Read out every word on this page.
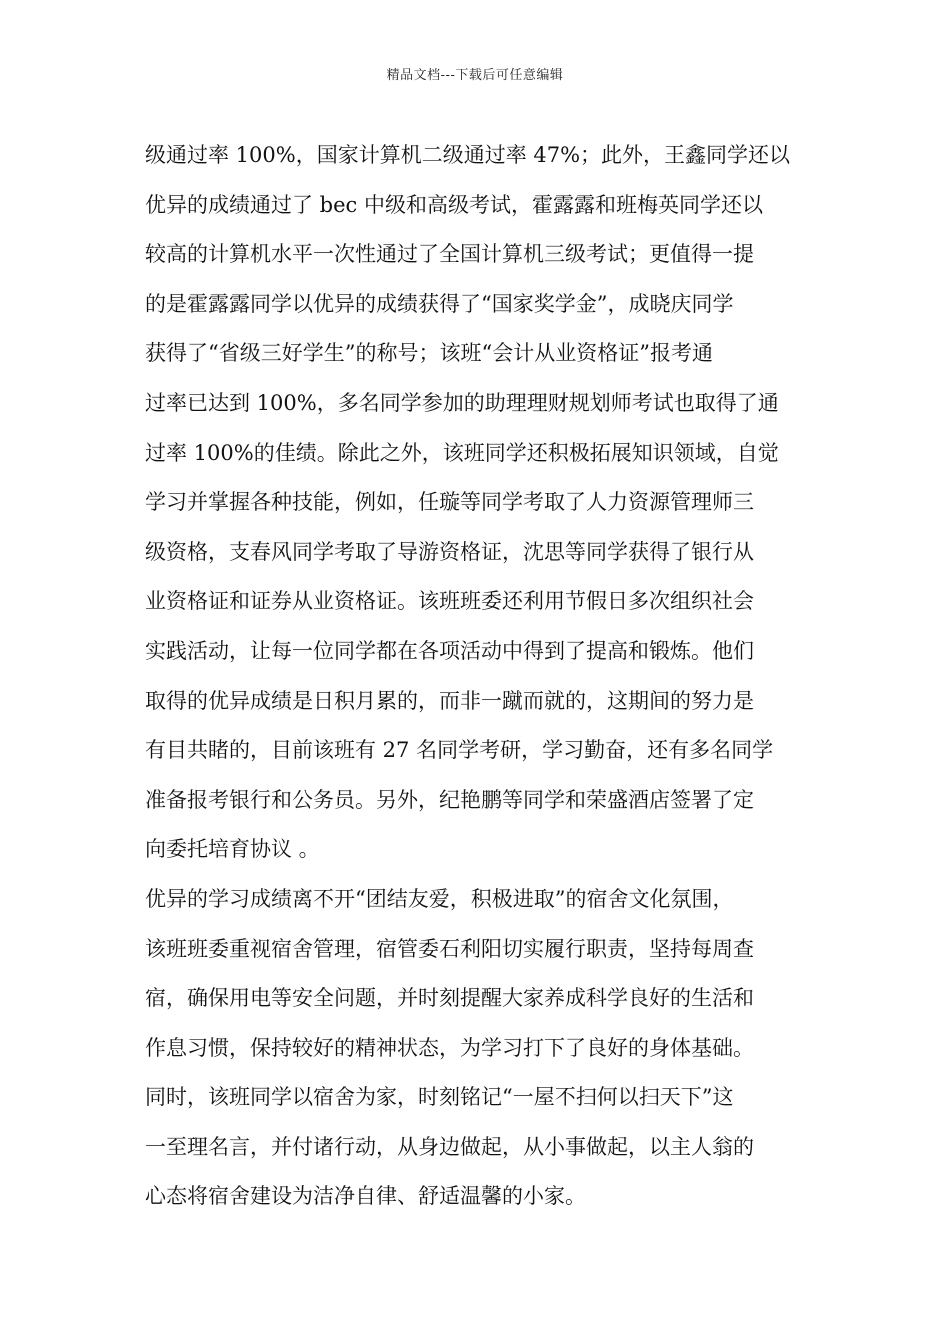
精品文档---下载后可任意编辑
级通过率 100%，国家计算机二级通过率 47%；此外，王鑫同学还以
优异的成绩通过了 bec 中级和高级考试，霍露露和班梅英同学还以
较高的计算机水平一次性通过了全国计算机三级考试；更值得一提
的是霍露露同学以优异的成绩获得了“国家奖学金”，成晓庆同学
获得了“省级三好学生”的称号；该班“会计从业资格证”报考通
过率已达到 100%，多名同学参加的助理理财规划师考试也取得了通
过率 100%的佳绩。除此之外，该班同学还积极拓展知识领域，自觉
学习并掌握各种技能，例如，任璇等同学考取了人力资源管理师三
级资格，支春风同学考取了导游资格证，沈思等同学获得了银行从
业资格证和证券从业资格证。该班班委还利用节假日多次组织社会
实践活动，让每一位同学都在各项活动中得到了提高和锻炼。他们
取得的优异成绩是日积月累的，而非一蹴而就的，这期间的努力是
有目共睹的，目前该班有 27 名同学考研，学习勤奋，还有多名同学
准备报考银行和公务员。另外，纪艳鹏等同学和荣盛酒店签署了定
向委托培育协议 。
优异的学习成绩离不开“团结友爱，积极进取”的宿舍文化氛围，
该班班委重视宿舍管理，宿管委石利阳切实履行职责，坚持每周查
宿，确保用电等安全问题，并时刻提醒大家养成科学良好的生活和
作息习惯，保持较好的精神状态，为学习打下了良好的身体基础。
同时，该班同学以宿舍为家，时刻铭记“一屋不扫何以扫天下”这
一至理名言，并付诸行动，从身边做起，从小事做起，以主人翁的
心态将宿舍建设为洁净自律、舒适温馨的小家。
